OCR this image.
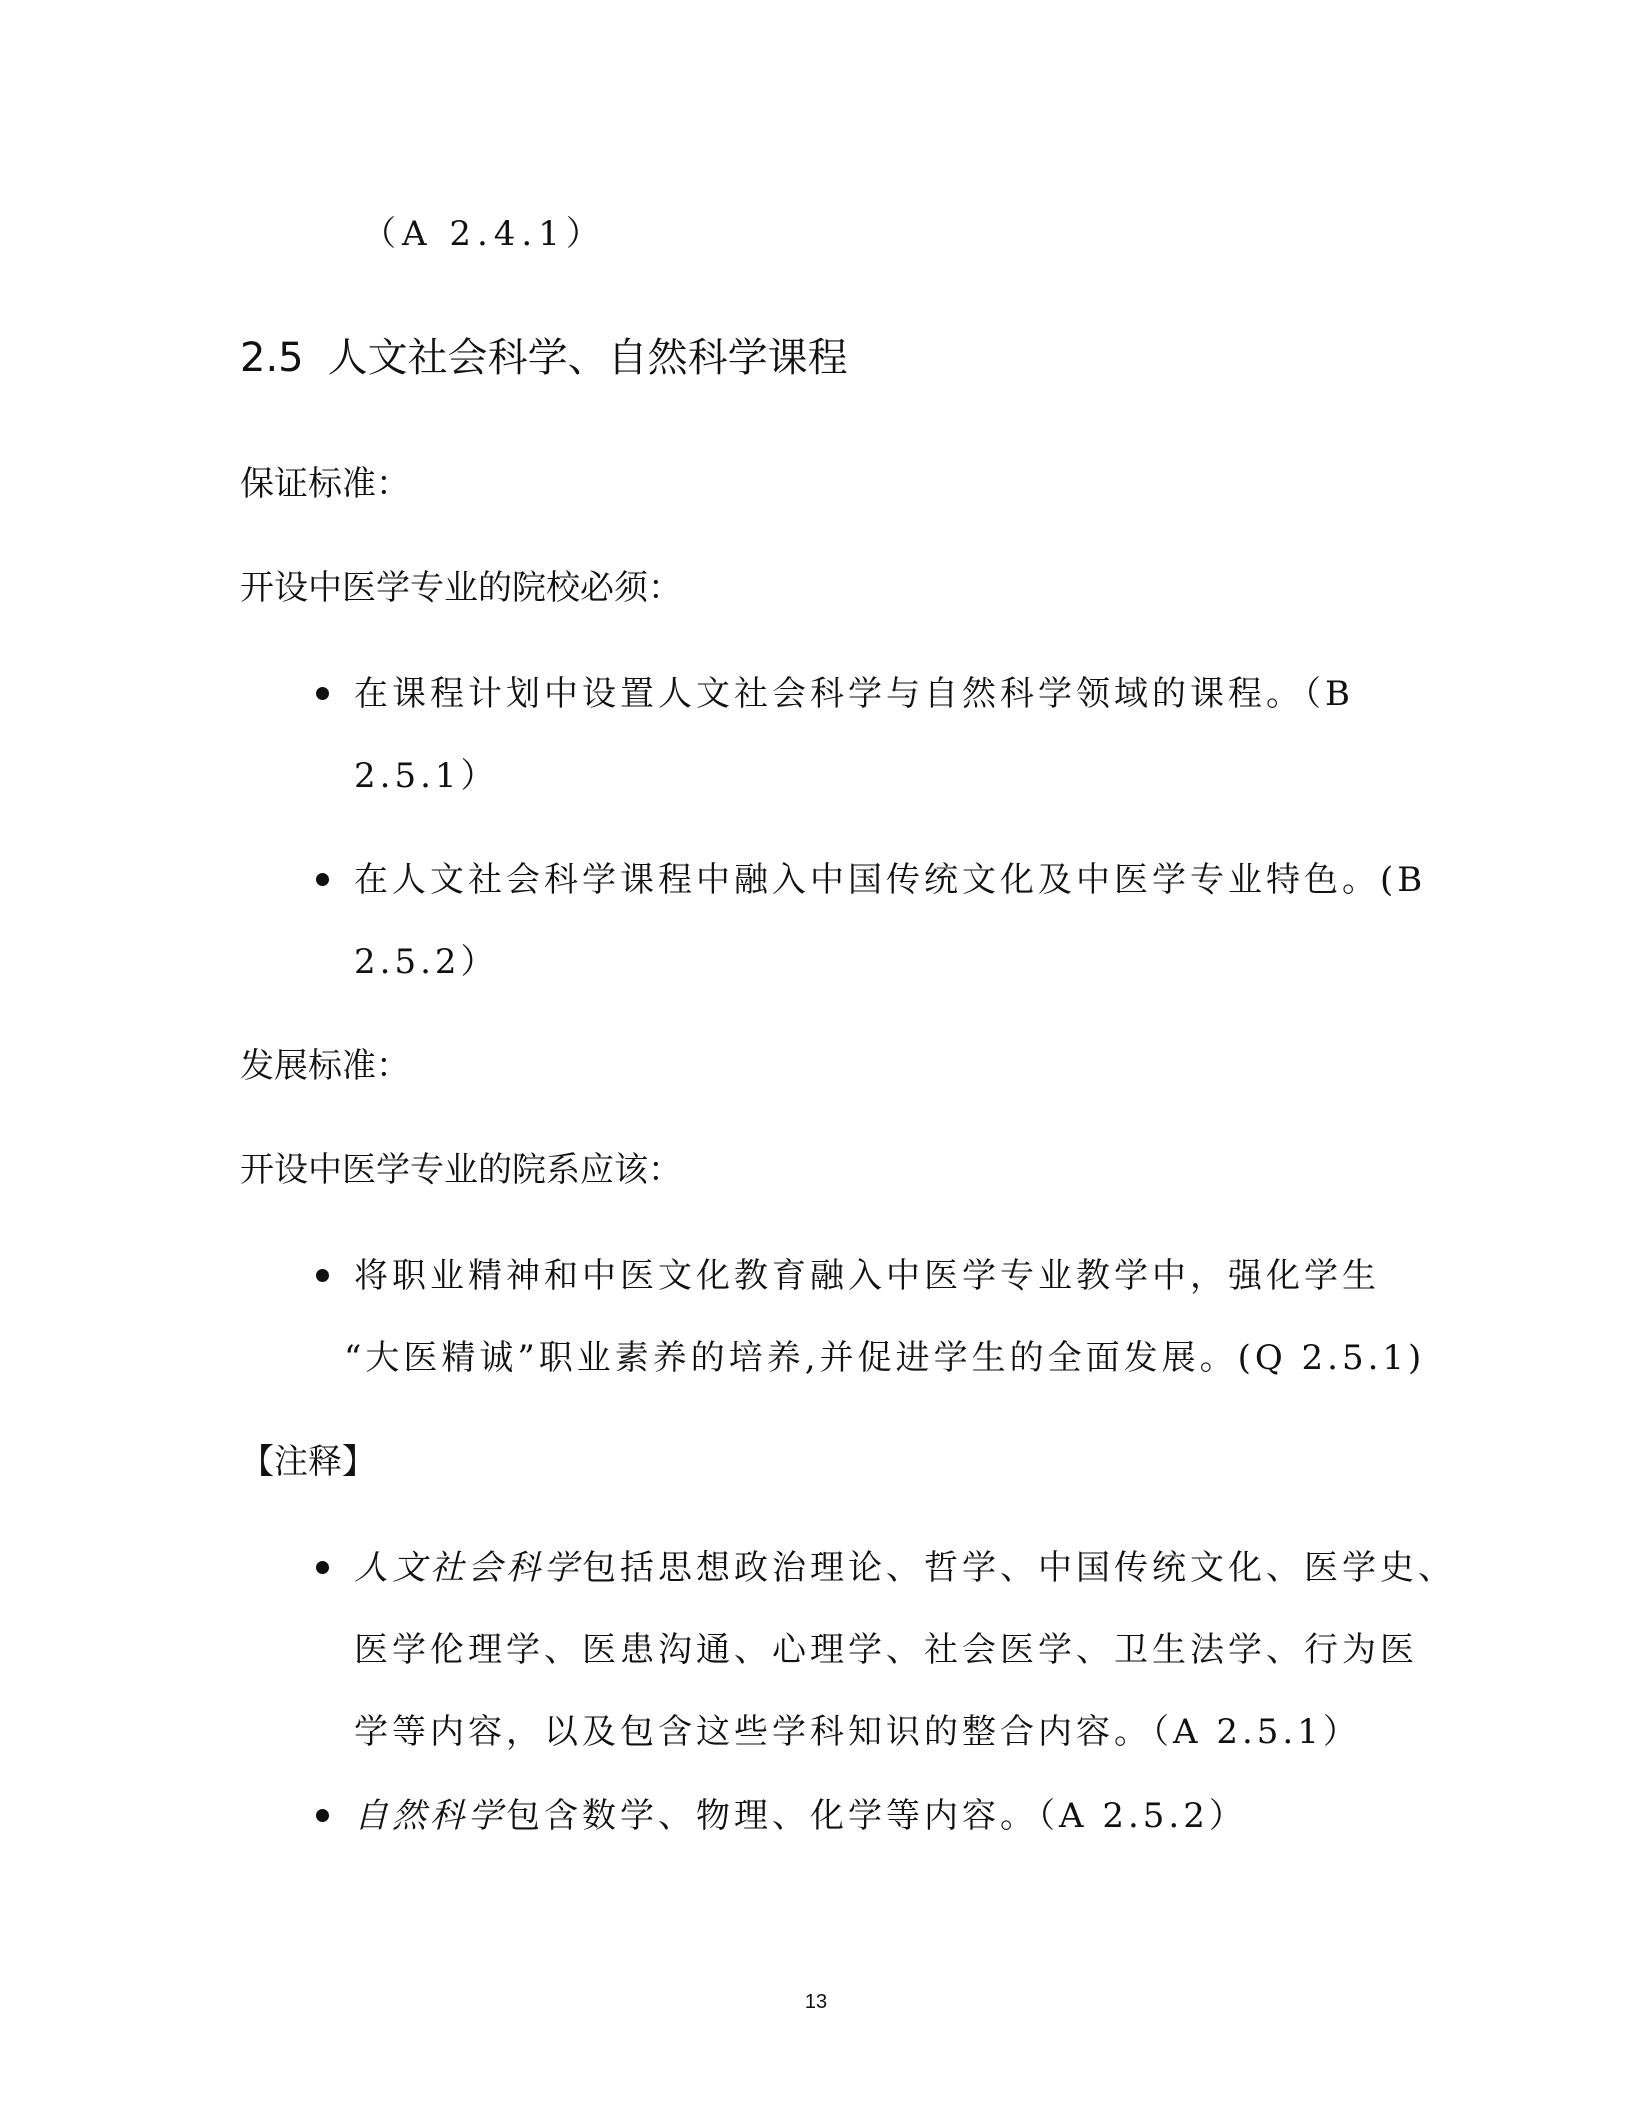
（A 2.4.1）
2.5 人文社会科学、自然科学课程
保证标准：
开设中医学专业的院校必须：
在课程计划中设置人文社会科学与自然科学领域的课程。（B
2.5.1）
在人文社会科学课程中融入中国传统文化及中医学专业特色。(B
2.5.2）
发展标准：
开设中医学专业的院系应该：
将职业精神和中医文化教育融入中医学专业教学中，强化学生
“大医精诚”职业素养的培养,并促进学生的全面发展。(Q 2.5.1)
【注释】
人文社会科学包括思想政治理论、哲学、中国传统文化、医学史、
医学伦理学、医患沟通、心理学、社会医学、卫生法学、行为医
学等内容，以及包含这些学科知识的整合内容。（A 2.5.1）
自然科学包含数学、物理、化学等内容。（A 2.5.2）
13
